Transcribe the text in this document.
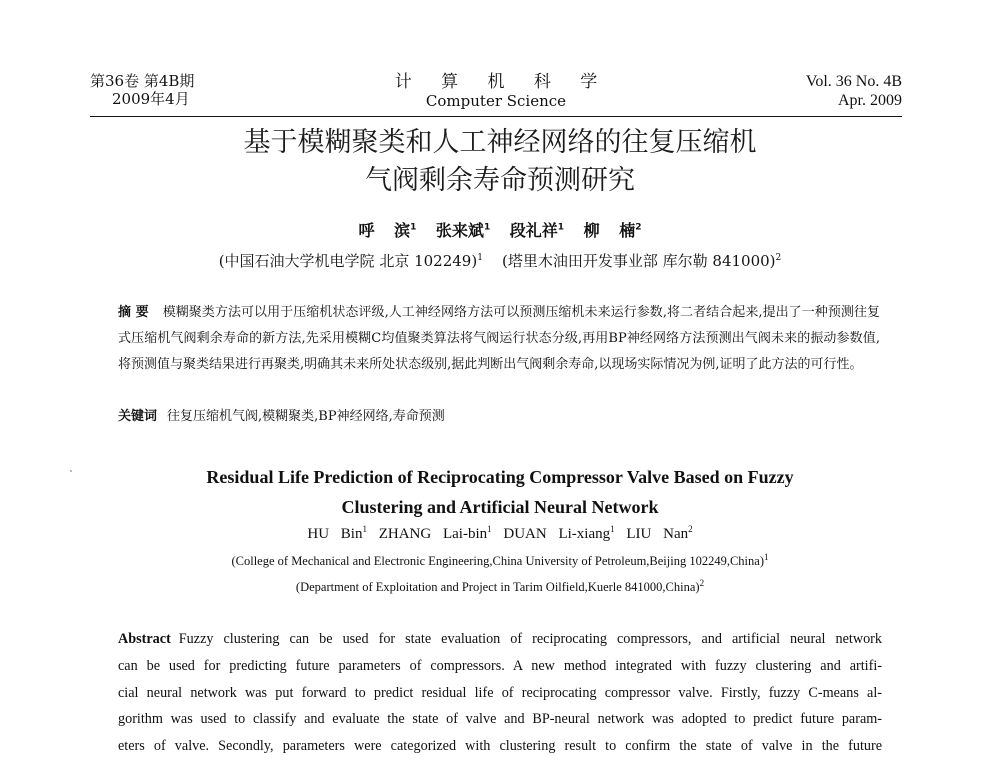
第36卷 第4B期
2009年4月
计 算 机 科 学
Computer Science
Vol. 36 No. 4B
Apr. 2009
基于模糊聚类和人工神经网络的往复压缩机
气阀剩余寿命预测研究
呼 滨$^1$ 张来斌$^1$ 段礼祥$^1$ 柳 楠$^2$
(中国石油大学机电学院 北京 102249)$^1$ (塔里木油田开发事业部 库尔勒 841000)$^2$
摘 要 模糊聚类方法可以用于压缩机状态评级,人工神经网络方法可以预测压缩机未来运行参数,将二者结合起来,提出了一种预测往复式压缩机气阀剩余寿命的新方法,先采用模糊C均值聚类算法将气阀运行状态分级,再用BP神经网络方法预测出气阀未来的振动参数值,将预测值与聚类结果进行再聚类,明确其未来所处状态级别,据此判断出气阀剩余寿命,以现场实际情况为例,证明了此方法的可行性。
关键词 往复压缩机气阀,模糊聚类,BP神经网络,寿命预测
Residual Life Prediction of Reciprocating Compressor Valve Based on Fuzzy
Clustering and Artificial Neural Network
HU Bin$^1$ ZHANG Lai-bin$^1$ DUAN Li-xiang$^1$ LIU Nan$^2$
(College of Mechanical and Electronic Engineering,China University of Petroleum,Beijing 102249,China)$^1$
(Department of Exploitation and Project in Tarim Oilfield,Kuerle 841000,China)$^2$
Abstract Fuzzy clustering can be used for state evaluation of reciprocating compressors, and artificial neural network
can be used for predicting future parameters of compressors. A new method integrated with fuzzy clustering and artifi-
cial neural network was put forward to predict residual life of reciprocating compressor valve. Firstly, fuzzy C-means al-
gorithm was used to classify and evaluate the state of valve and BP-neural network was adopted to predict future param-
eters of valve. Secondly, parameters were categorized with clustering result to confirm the state of valve in the future
